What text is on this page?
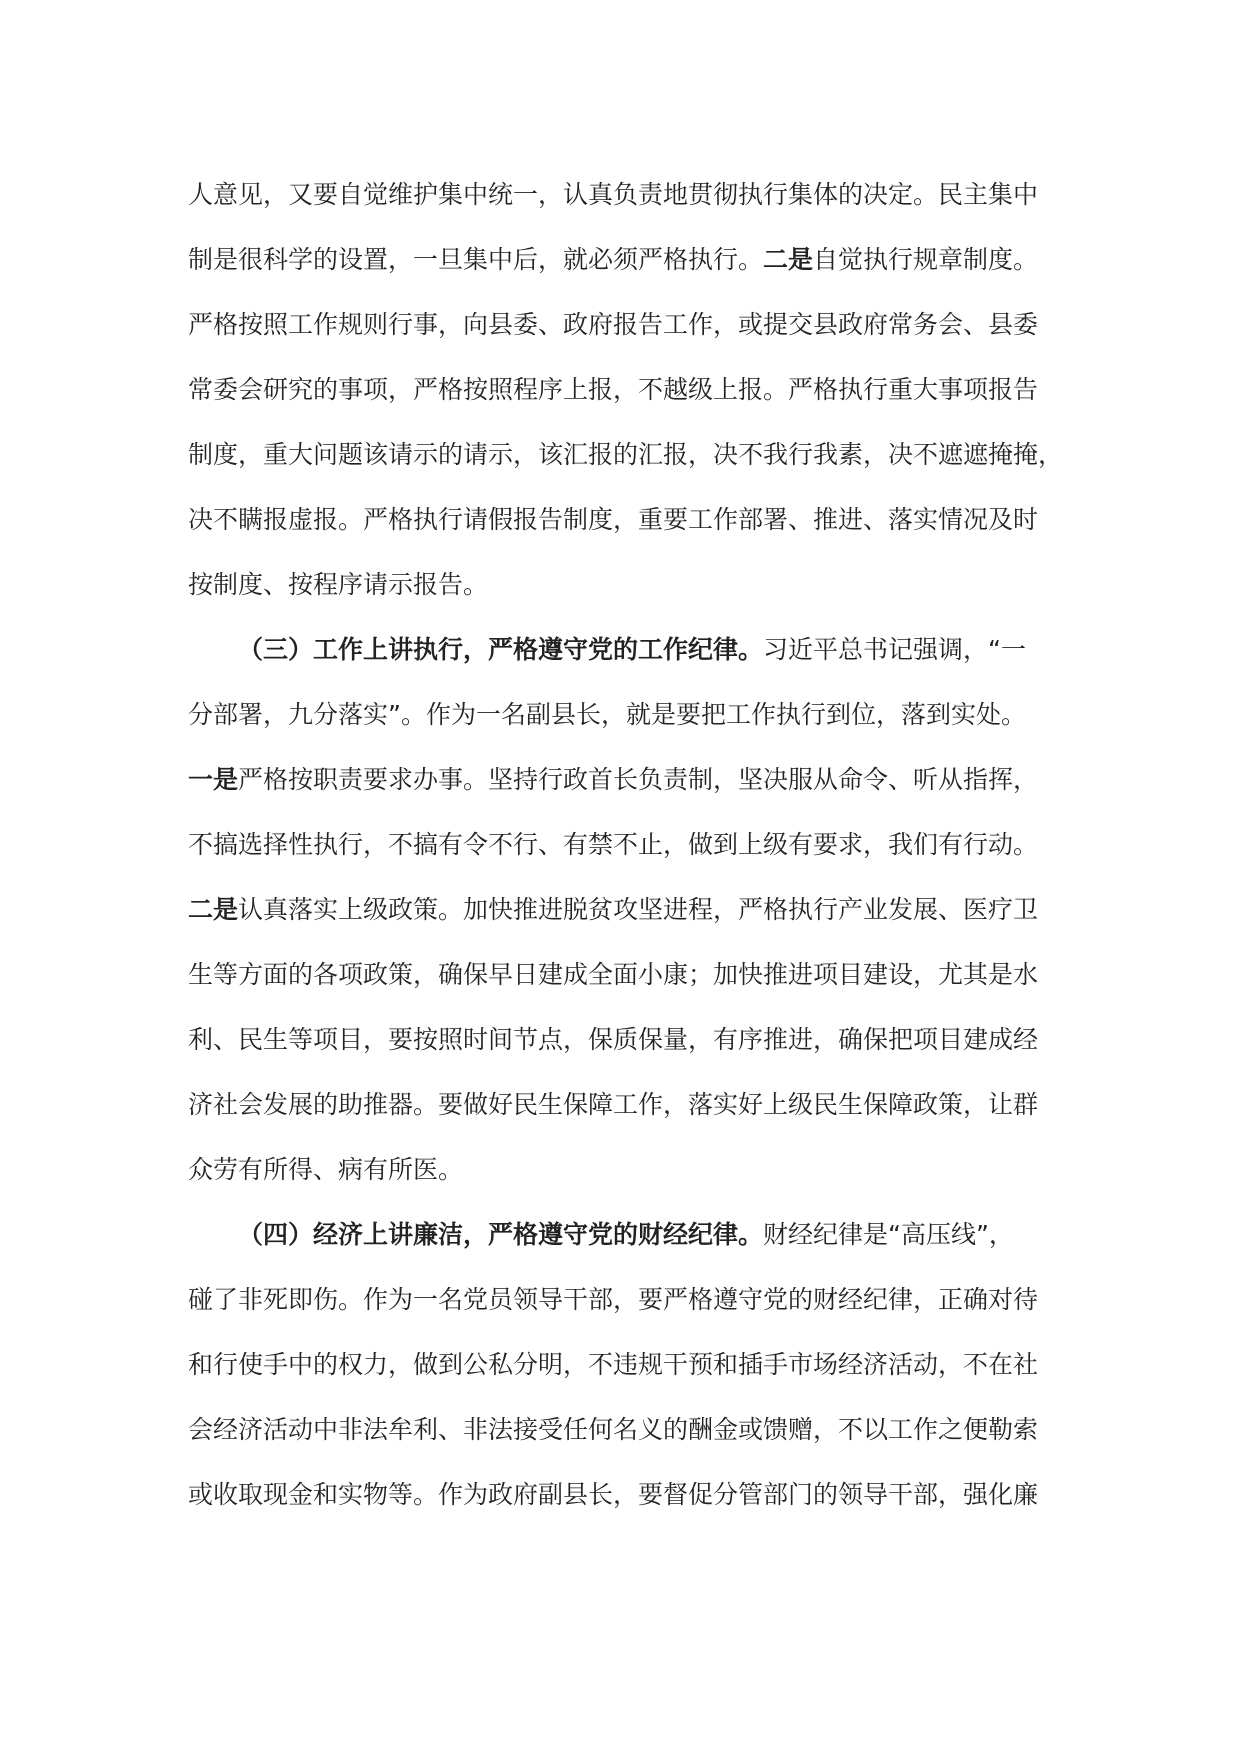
人意见，又要自觉维护集中统一，认真负责地贯彻执行集体的决定。民主集中
制是很科学的设置，一旦集中后，就必须严格执行。二是自觉执行规章制度。
严格按照工作规则行事，向县委、政府报告工作，或提交县政府常务会、县委
常委会研究的事项，严格按照程序上报，不越级上报。严格执行重大事项报告
制度，重大问题该请示的请示，该汇报的汇报，决不我行我素，决不遮遮掩掩，
决不瞒报虚报。严格执行请假报告制度，重要工作部署、推进、落实情况及时
按制度、按程序请示报告。

（三）工作上讲执行，严格遵守党的工作纪律。习近平总书记强调，“一
分部署，九分落实”。作为一名副县长，就是要把工作执行到位，落到实处。
一是严格按职责要求办事。坚持行政首长负责制，坚决服从命令、听从指挥，
不搞选择性执行，不搞有令不行、有禁不止，做到上级有要求，我们有行动。
二是认真落实上级政策。加快推进脱贫攻坚进程，严格执行产业发展、医疗卫
生等方面的各项政策，确保早日建成全面小康；加快推进项目建设，尤其是水
利、民生等项目，要按照时间节点，保质保量，有序推进，确保把项目建成经
济社会发展的助推器。要做好民生保障工作，落实好上级民生保障政策，让群
众劳有所得、病有所医。

（四）经济上讲廉洁，严格遵守党的财经纪律。财经纪律是“高压线”，
碰了非死即伤。作为一名党员领导干部，要严格遵守党的财经纪律，正确对待
和行使手中的权力，做到公私分明，不违规干预和插手市场经济活动，不在社
会经济活动中非法牟利、非法接受任何名义的酬金或馈赠，不以工作之便勒索
或收取现金和实物等。作为政府副县长，要督促分管部门的领导干部，强化廉
